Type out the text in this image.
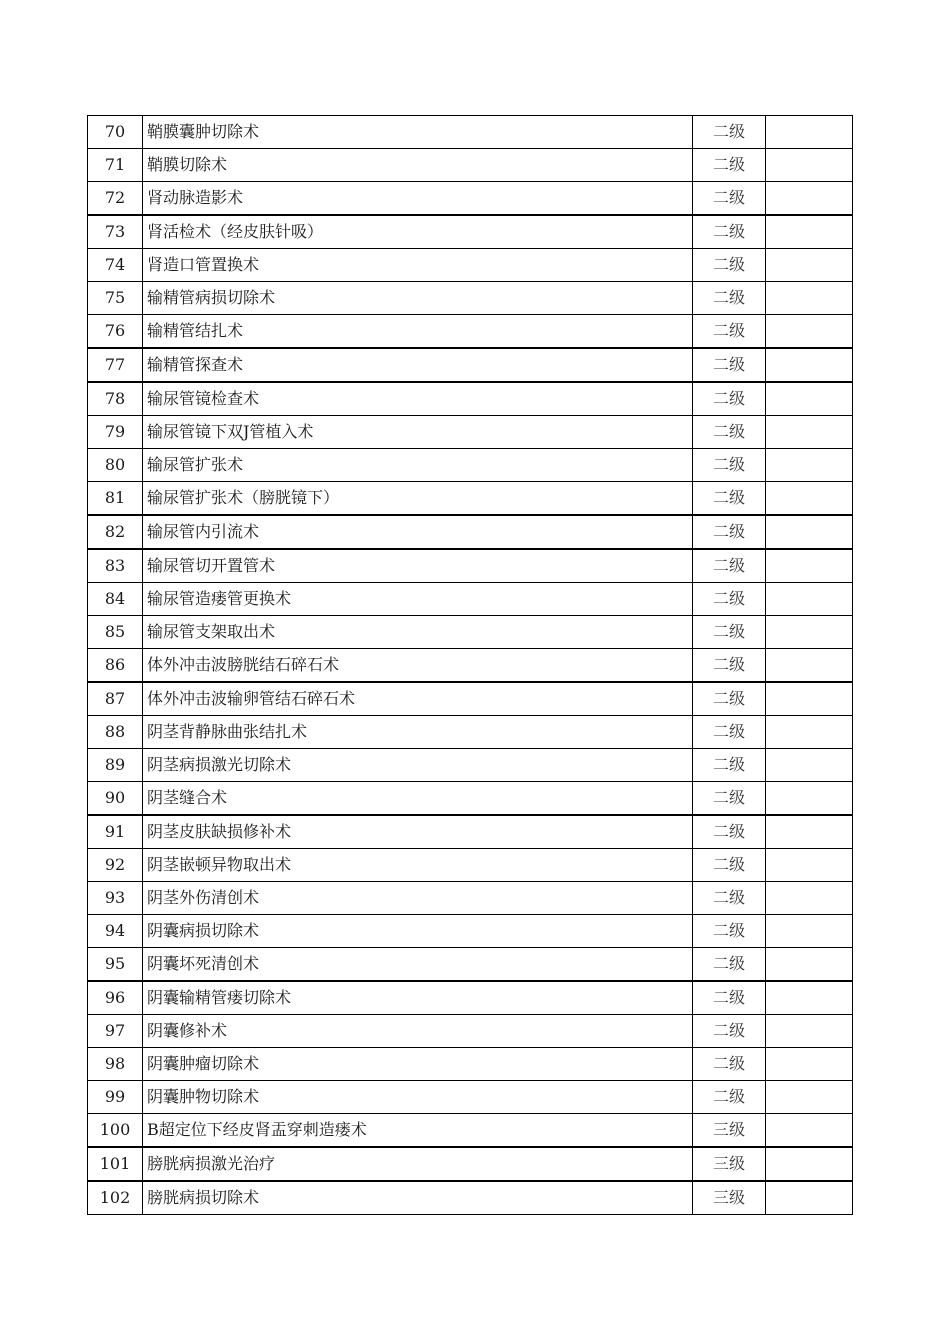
70	鞘膜囊肿切除术	二级	
71	鞘膜切除术	二级	
72	肾动脉造影术	二级	
73	肾活检术（经皮肤针吸）	二级	
74	肾造口管置换术	二级	
75	输精管病损切除术	二级	
76	输精管结扎术	二级	
77	输精管探查术	二级	
78	输尿管镜检查术	二级	
79	输尿管镜下双J管植入术	二级	
80	输尿管扩张术	二级	
81	输尿管扩张术（膀胱镜下）	二级	
82	输尿管内引流术	二级	
83	输尿管切开置管术	二级	
84	输尿管造瘘管更换术	二级	
85	输尿管支架取出术	二级	
86	体外冲击波膀胱结石碎石术	二级	
87	体外冲击波输卵管结石碎石术	二级	
88	阴茎背静脉曲张结扎术	二级	
89	阴茎病损激光切除术	二级	
90	阴茎缝合术	二级	
91	阴茎皮肤缺损修补术	二级	
92	阴茎嵌顿异物取出术	二级	
93	阴茎外伤清创术	二级	
94	阴囊病损切除术	二级	
95	阴囊坏死清创术	二级	
96	阴囊输精管瘘切除术	二级	
97	阴囊修补术	二级	
98	阴囊肿瘤切除术	二级	
99	阴囊肿物切除术	二级	
100	B超定位下经皮肾盂穿刺造瘘术	三级	
101	膀胱病损激光治疗	三级	
102	膀胱病损切除术	三级	
